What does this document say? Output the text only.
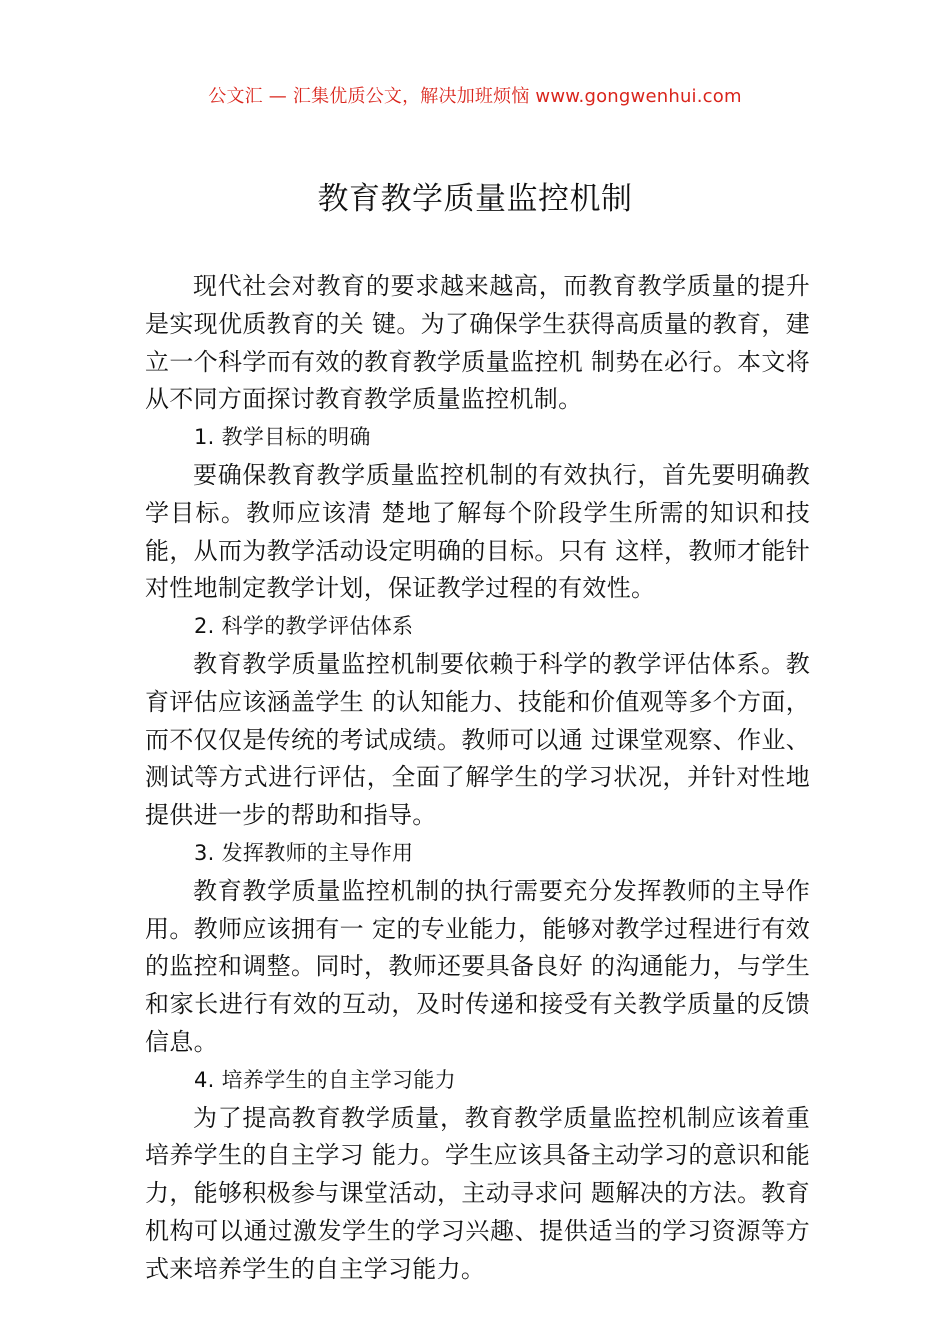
公文汇 — 汇集优质公文，解决加班烦恼 www.gongwenhui.com
教育教学质量监控机制

现代社会对教育的要求越来越高，而教育教学质量的提升是实现优质教育的关 键。为了确保学生获得高质量的教育，建立一个科学而有效的教育教学质量监控机 制势在必行。本文将从不同方面探讨教育教学质量监控机制。

1. 教学目标的明确

要确保教育教学质量监控机制的有效执行，首先要明确教学目标。教师应该清 楚地了解每个阶段学生所需的知识和技能，从而为教学活动设定明确的目标。只有 这样，教师才能针对性地制定教学计划，保证教学过程的有效性。

2. 科学的教学评估体系

教育教学质量监控机制要依赖于科学的教学评估体系。教育评估应该涵盖学生 的认知能力、技能和价值观等多个方面，而不仅仅是传统的考试成绩。教师可以通 过课堂观察、作业、测试等方式进行评估，全面了解学生的学习状况，并针对性地 提供进一步的帮助和指导。

3. 发挥教师的主导作用

教育教学质量监控机制的执行需要充分发挥教师的主导作用。教师应该拥有一 定的专业能力，能够对教学过程进行有效的监控和调整。同时，教师还要具备良好 的沟通能力，与学生和家长进行有效的互动，及时传递和接受有关教学质量的反馈 信息。

4. 培养学生的自主学习能力

为了提高教育教学质量，教育教学质量监控机制应该着重培养学生的自主学习 能力。学生应该具备主动学习的意识和能力，能够积极参与课堂活动，主动寻求问 题解决的方法。教育机构可以通过激发学生的学习兴趣、提供适当的学习资源等方 式来培养学生的自主学习能力。
